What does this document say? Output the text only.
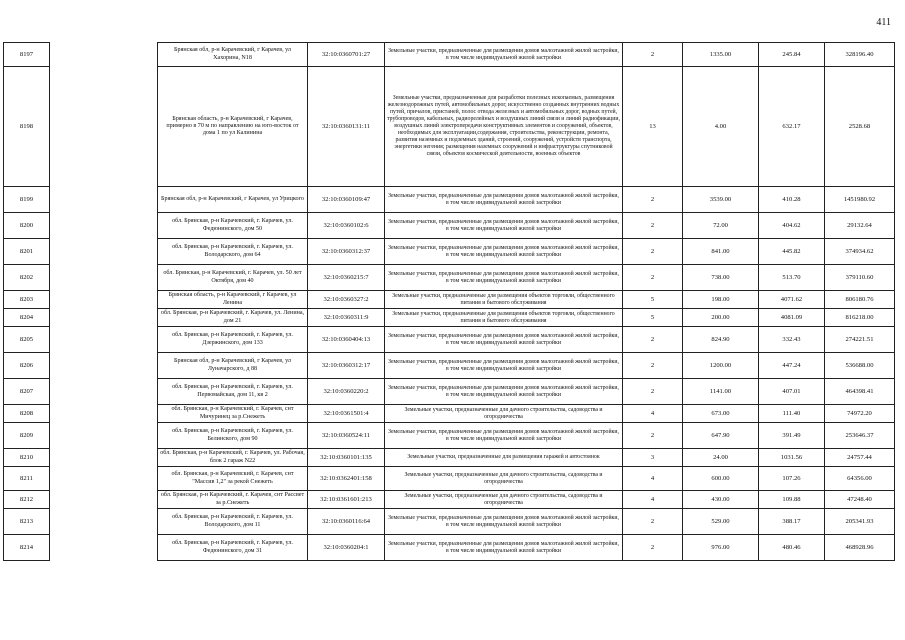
411
8197		Брянская обл, р-н Карачевский, г Карачев, ул Хахорина, N18	32:10:0360701:27	Земельные участки, предназначенные для размещения домов малоэтажной жилой застройки, в том числе индивидуальной жилой застройки	2	1335.00	245.84	328196.40
8198		Брянская область, р-н Карачевский, г Карачев, примерно в 70 м по направлению на юго-восток от дома 1 по ул Калинина	32:10:0360131:11	Земельные участки, предназначенные для разработки полезных ископаемых, размещения железнодорожных путей, автомобильных дорог, искусственно созданных внутренних водных путей, причалов, пристаней, полос отвода железных и автомобильных дорог, водных путей, трубопроводов, кабельных, радиорелейных и воздушных линий связи и линий радиофикации, воздушных линий электропередачи конструктивных элементов и сооружений, объектов, необходимых для эксплуатации,содержания, строительства, реконструкции, ремонта, развития наземных и подземных зданий, строений, сооружений, устройств транспорта, энергетики негения; размещения наземных сооружений и инфраструктуры спутниковой связи, объектов космической деятельности, военных объектов	13	4.00	632.17	2528.68
8199		Брянская обл, р-н Карачевский, г Карачев, ул Урицкого	32:10:0360109:47	Земельные участки, предназначенные для размещения домов малоэтажной жилой застройки, в том числе индивидуальной жилой застройки	2	3539.00	410.28	1451980.92
8200		обл. Брянская, р-н Карачевский, г. Карачев, ул. Федюнинского, дом 50	32:10:0360102:6	Земельные участки, предназначенные для размещения домов малоэтажной жилой застройки, в том числе индивидуальной жилой застройки	2	72.00	404.62	29132.64
8201		обл. Брянская, р-н Карачевский, г. Карачев, ул. Володарского, дом 64	32:10:0360312:37	Земельные участки, предназначенные для размещения домов малоэтажной жилой застройки, в том числе индивидуальной жилой застройки	2	841.00	445.82	374934.62
8202		обл. Брянская, р-н Карачевский, г. Карачев, ул. 50 лет Октября, дом 40	32:10:0360215:7	Земельные участки, предназначенные для размещения домов малоэтажной жилой застройки, в том числе индивидуальной жилой застройки	2	738.00	513.70	379110.60
8203		Брянская область, р-н Карачевский, г Карачев, ул Ленина	32:10:0360327:2	Земельные участки, предназначенные для размещения объектов торговли, общественного питания и бытового обслуживания	5	198.00	4071.62	806180.76
8204		обл. Брянская, р-н Карачевский, г. Карачев, ул. Ленина, дом 21	32:10:0360311:9	Земельные участки, предназначенные для размещения объектов торговли, общественного питания и бытового обслуживания	5	200.00	4081.09	816218.00
8205		обл. Брянская, р-н Карачевский, г. Карачев, ул. Дзержинского, дом 133	32:10:0360404:13	Земельные участки, предназначенные для размещения домов малоэтажной жилой застройки, в том числе индивидуальной жилой застройки	2	824.90	332.43	274221.51
8206		Брянская обл, р-н Карачевский, г Карачев, ул Луначарского, д 88	32:10:0360312:17	Земельные участки, предназначенные для размещения домов малоэтажной жилой застройки, в том числе индивидуальной жилой застройки	2	1200.00	447.24	536688.00
8207		обл. Брянская, р-н Карачевский, г. Карачев, ул. Первомайская, дом 11, кв 2	32:10:0360220:2	Земельные участки, предназначенные для размещения домов малоэтажной жилой застройки, в том числе индивидуальной жилой застройки	2	1141.00	407.01	464398.41
8208		обл. Брянская, р-н Карачевский, г. Карачев, снт Мичуринец за р.Снежеть	32:10:0361501:4	Земельные участки, предназначенные для дачного строительства, садоводства и огородничества	4	673.00	111.40	74972.20
8209		обл. Брянская, р-н Карачевский, г. Карачев, ул. Белинского, дом 90	32:10:0360524:11	Земельные участки, предназначенные для размещения домов малоэтажной жилой застройки, в том числе индивидуальной жилой застройки	2	647.90	391.49	253646.37
8210		обл. Брянская, р-н Карачевский, г. Карачев, ул. Рабочая, блок 2 гараж N22	32:10:0360101:135	Земельные участки, предназначенные для размещения гаражей и автостоянок	3	24.00	1031.56	24757.44
8211		обл. Брянская, р-н Карачевский, г. Карачев, снт "Массив 1,2" за рекой Снежеть	32:10:0362401:158	Земельные участки, предназначенные для дачного строительства, садоводства и огородничества	4	600.00	107.26	64356.00
8212		обл. Брянская, р-н Карачевский, г. Карачев, снт Рассвет за р.Снежеть	32:10:0361601:213	Земельные участки, предназначенные для дачного строительства, садоводства и огородничества	4	430.00	109.88	47248.40
8213		обл. Брянская, р-н Карачевский, г. Карачев, ул. Володарского, дом 11	32:10:0360116:64	Земельные участки, предназначенные для размещения домов малоэтажной жилой застройки, в том числе индивидуальной жилой застройки	2	529.00	388.17	205341.93
8214		обл. Брянская, р-н Карачевский, г. Карачев, ул. Федюнинского, дом 31	32:10:0360204:1	Земельные участки, предназначенные для размещения домов малоэтажной жилой застройки, в том числе индивидуальной жилой застройки	2	976.00	480.46	468928.96
